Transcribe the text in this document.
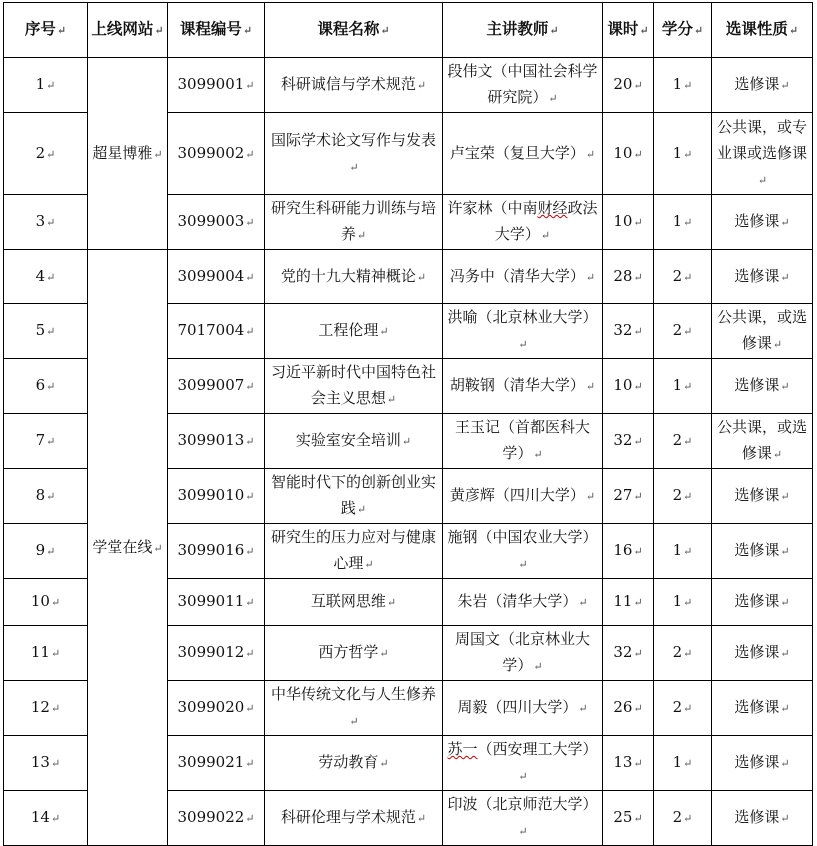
序号↵	上线网站↵	课程编号↵	课程名称↵	主讲教师↵	课时↵	学分↵	选课性质↵
1↵	超星博雅↵	3099001↵	科研诚信与学术规范↵	段伟文（中国社会科学研究院）↵	20↵	1↵	选修课↵
2↵		3099002↵	国际学术论文写作与发表↵	卢宝荣（复旦大学）↵	10↵	1↵	公共课，或专业课或选修课↵
3↵		3099003↵	研究生科研能力训练与培养↵	许家林（中南财经政法大学）↵	10↵	1↵	选修课↵
4↵	学堂在线↵	3099004↵	党的十九大精神概论↵	冯务中（清华大学）↵	28↵	2↵	选修课↵
5↵		7017004↵	工程伦理↵	洪喻（北京林业大学）↵	32↵	2↵	公共课，或选修课↵
6↵		3099007↵	习近平新时代中国特色社会主义思想↵	胡鞍钢（清华大学）↵	10↵	1↵	选修课↵
7↵		3099013↵	实验室安全培训↵	王玉记（首都医科大学）↵	32↵	2↵	公共课，或选修课↵
8↵		3099010↵	智能时代下的创新创业实践↵	黄彦辉（四川大学）↵	27↵	2↵	选修课↵
9↵		3099016↵	研究生的压力应对与健康心理↵	施钢（中国农业大学）↵	16↵	1↵	选修课↵
10↵		3099011↵	互联网思维↵	朱岩（清华大学）↵	11↵	1↵	选修课↵
11↵		3099012↵	西方哲学↵	周国文（北京林业大学）↵	32↵	2↵	选修课↵
12↵		3099020↵	中华传统文化与人生修养↵	周毅（四川大学）↵	26↵	2↵	选修课↵
13↵		3099021↵	劳动教育↵	苏一（西安理工大学）↵	13↵	1↵	选修课↵
14↵		3099022↵	科研伦理与学术规范↵	印波（北京师范大学）↵	25↵	2↵	选修课↵
